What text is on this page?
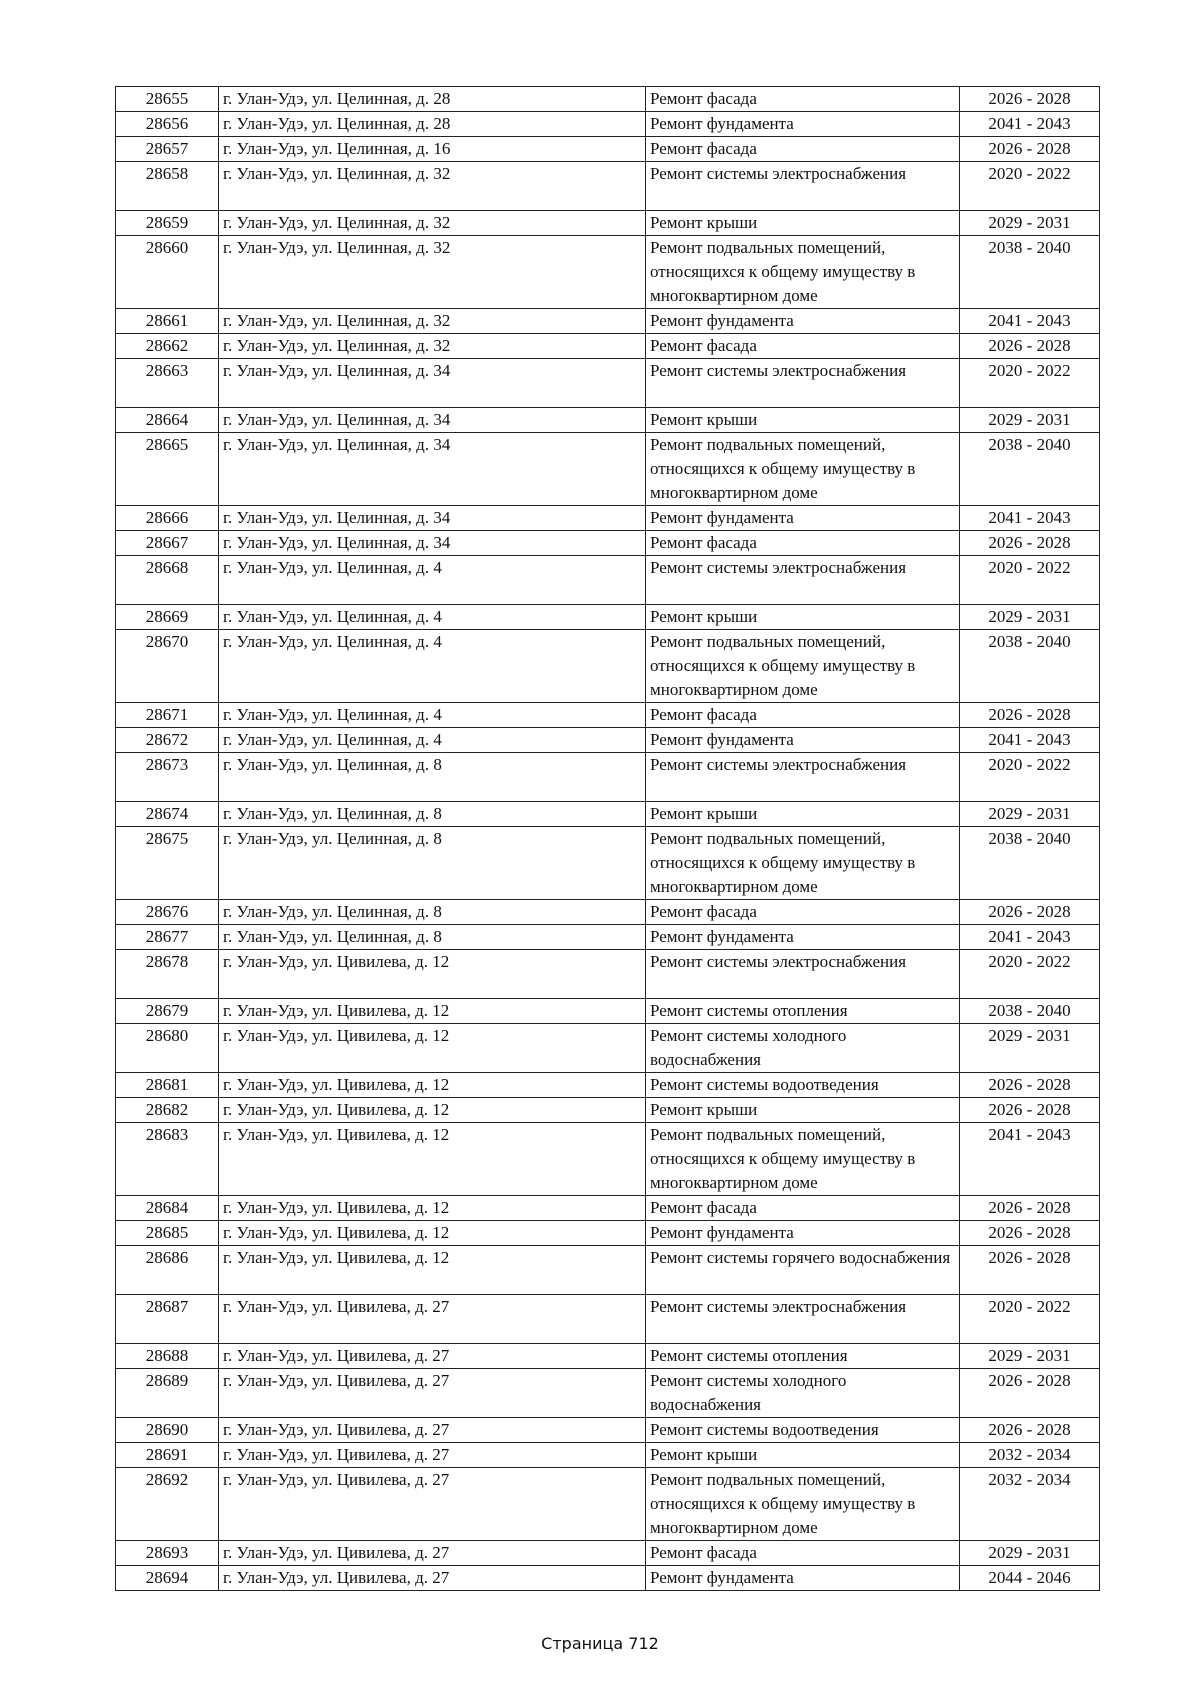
28655	г. Улан-Удэ, ул. Целинная, д. 28	Ремонт фасада	2026 - 2028
28656	г. Улан-Удэ, ул. Целинная, д. 28	Ремонт фундамента	2041 - 2043
28657	г. Улан-Удэ, ул. Целинная, д. 16	Ремонт фасада	2026 - 2028
28658	г. Улан-Удэ, ул. Целинная, д. 32	Ремонт системы электроснабжения	2020 - 2022
28659	г. Улан-Удэ, ул. Целинная, д. 32	Ремонт крыши	2029 - 2031
28660	г. Улан-Удэ, ул. Целинная, д. 32	Ремонт подвальных помещений, относящихся к общему имуществу в многоквартирном доме	2038 - 2040
28661	г. Улан-Удэ, ул. Целинная, д. 32	Ремонт фундамента	2041 - 2043
28662	г. Улан-Удэ, ул. Целинная, д. 32	Ремонт фасада	2026 - 2028
28663	г. Улан-Удэ, ул. Целинная, д. 34	Ремонт системы электроснабжения	2020 - 2022
28664	г. Улан-Удэ, ул. Целинная, д. 34	Ремонт крыши	2029 - 2031
28665	г. Улан-Удэ, ул. Целинная, д. 34	Ремонт подвальных помещений, относящихся к общему имуществу в многоквартирном доме	2038 - 2040
28666	г. Улан-Удэ, ул. Целинная, д. 34	Ремонт фундамента	2041 - 2043
28667	г. Улан-Удэ, ул. Целинная, д. 34	Ремонт фасада	2026 - 2028
28668	г. Улан-Удэ, ул. Целинная, д. 4	Ремонт системы электроснабжения	2020 - 2022
28669	г. Улан-Удэ, ул. Целинная, д. 4	Ремонт крыши	2029 - 2031
28670	г. Улан-Удэ, ул. Целинная, д. 4	Ремонт подвальных помещений, относящихся к общему имуществу в многоквартирном доме	2038 - 2040
28671	г. Улан-Удэ, ул. Целинная, д. 4	Ремонт фасада	2026 - 2028
28672	г. Улан-Удэ, ул. Целинная, д. 4	Ремонт фундамента	2041 - 2043
28673	г. Улан-Удэ, ул. Целинная, д. 8	Ремонт системы электроснабжения	2020 - 2022
28674	г. Улан-Удэ, ул. Целинная, д. 8	Ремонт крыши	2029 - 2031
28675	г. Улан-Удэ, ул. Целинная, д. 8	Ремонт подвальных помещений, относящихся к общему имуществу в многоквартирном доме	2038 - 2040
28676	г. Улан-Удэ, ул. Целинная, д. 8	Ремонт фасада	2026 - 2028
28677	г. Улан-Удэ, ул. Целинная, д. 8	Ремонт фундамента	2041 - 2043
28678	г. Улан-Удэ, ул. Цивилева, д. 12	Ремонт системы электроснабжения	2020 - 2022
28679	г. Улан-Удэ, ул. Цивилева, д. 12	Ремонт системы отопления	2038 - 2040
28680	г. Улан-Удэ, ул. Цивилева, д. 12	Ремонт системы холодного водоснабжения	2029 - 2031
28681	г. Улан-Удэ, ул. Цивилева, д. 12	Ремонт системы водоотведения	2026 - 2028
28682	г. Улан-Удэ, ул. Цивилева, д. 12	Ремонт крыши	2026 - 2028
28683	г. Улан-Удэ, ул. Цивилева, д. 12	Ремонт подвальных помещений, относящихся к общему имуществу в многоквартирном доме	2041 - 2043
28684	г. Улан-Удэ, ул. Цивилева, д. 12	Ремонт фасада	2026 - 2028
28685	г. Улан-Удэ, ул. Цивилева, д. 12	Ремонт фундамента	2026 - 2028
28686	г. Улан-Удэ, ул. Цивилева, д. 12	Ремонт системы горячего водоснабжения	2026 - 2028
28687	г. Улан-Удэ, ул. Цивилева, д. 27	Ремонт системы электроснабжения	2020 - 2022
28688	г. Улан-Удэ, ул. Цивилева, д. 27	Ремонт системы отопления	2029 - 2031
28689	г. Улан-Удэ, ул. Цивилева, д. 27	Ремонт системы холодного водоснабжения	2026 - 2028
28690	г. Улан-Удэ, ул. Цивилева, д. 27	Ремонт системы водоотведения	2026 - 2028
28691	г. Улан-Удэ, ул. Цивилева, д. 27	Ремонт крыши	2032 - 2034
28692	г. Улан-Удэ, ул. Цивилева, д. 27	Ремонт подвальных помещений, относящихся к общему имуществу в многоквартирном доме	2032 - 2034
28693	г. Улан-Удэ, ул. Цивилева, д. 27	Ремонт фасада	2029 - 2031
28694	г. Улан-Удэ, ул. Цивилева, д. 27	Ремонт фундамента	2044 - 2046
Страница 712
